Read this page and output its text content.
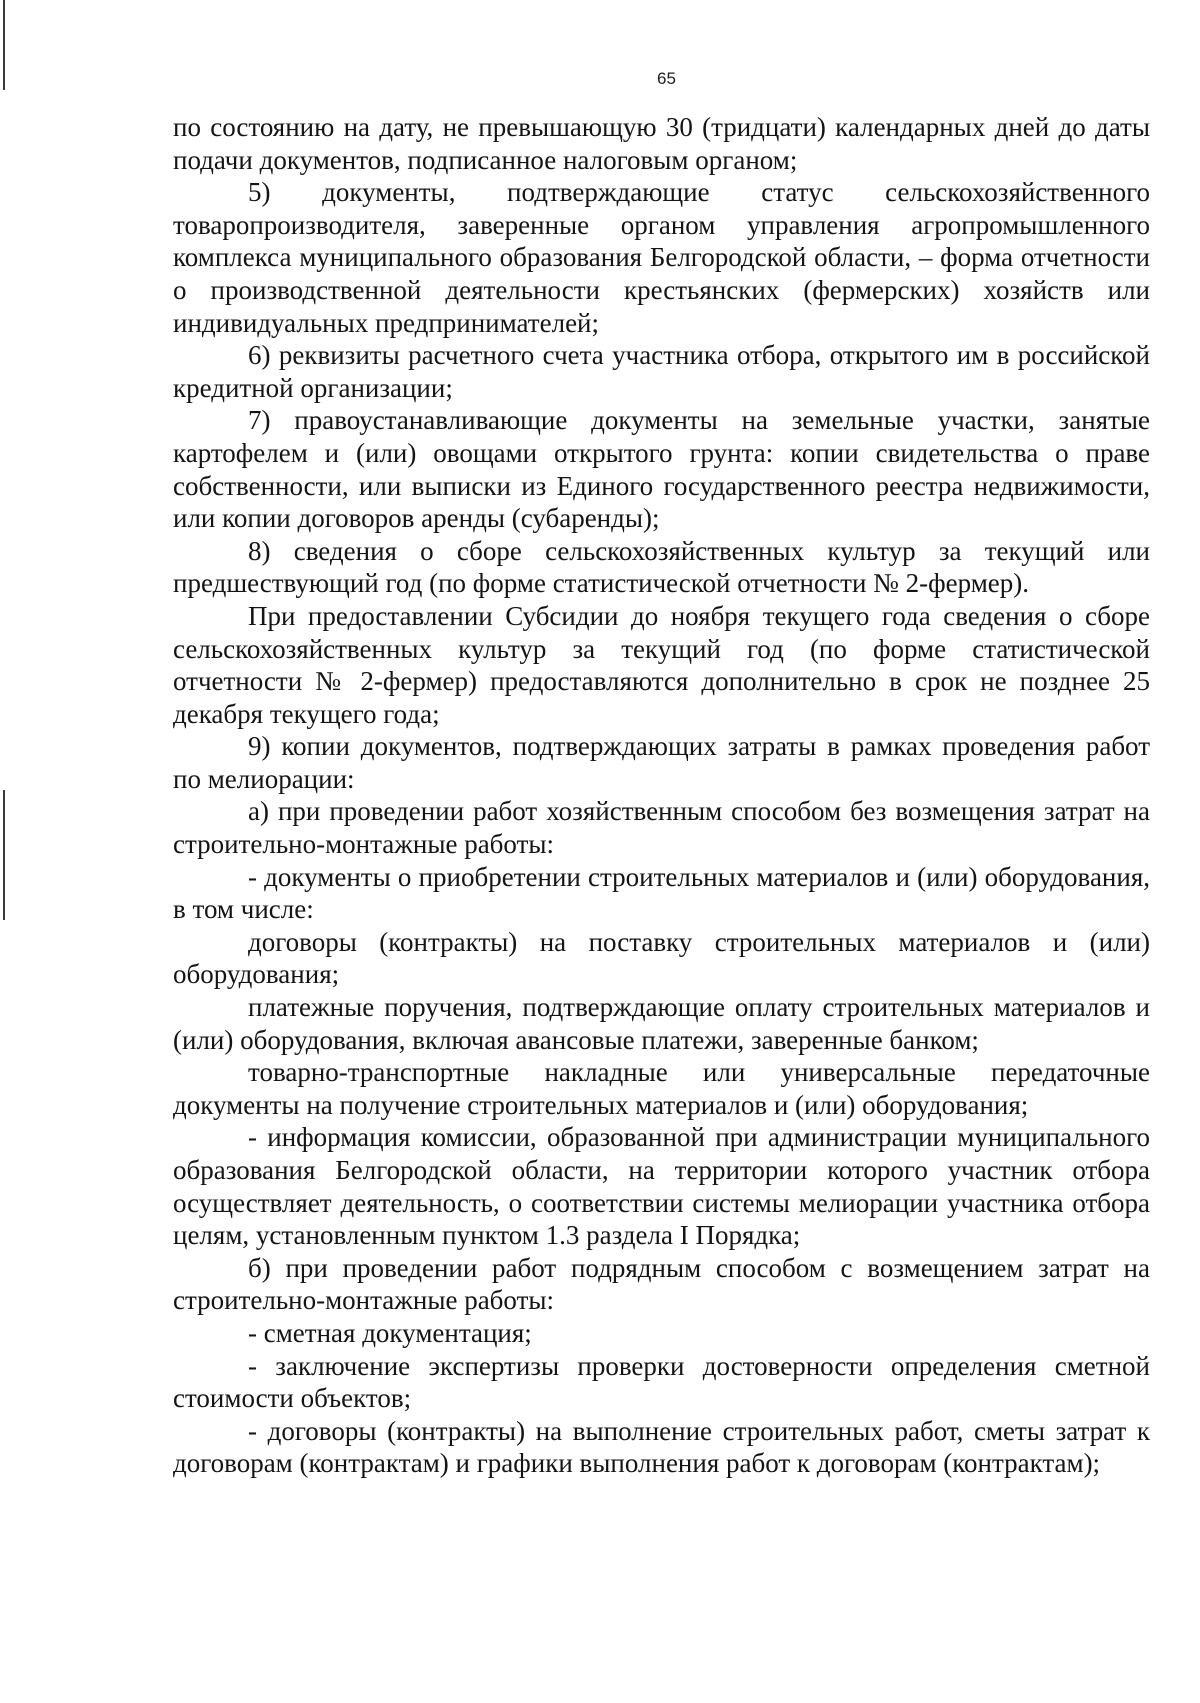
65

по состоянию на дату, не превышающую 30 (тридцати) календарных дней до даты подачи документов, подписанное налоговым органом;

5) документы, подтверждающие статус сельскохозяйственного товаропроизводителя, заверенные органом управления агропромышленного комплекса муниципального образования Белгородской области, – форма отчетности о производственной деятельности крестьянских (фермерских) хозяйств или индивидуальных предпринимателей;

6) реквизиты расчетного счета участника отбора, открытого им в российской кредитной организации;

7) правоустанавливающие документы на земельные участки, занятые картофелем и (или) овощами открытого грунта: копии свидетельства о праве собственности, или выписки из Единого государственного реестра недвижимости, или копии договоров аренды (субаренды);

8) сведения о сборе сельскохозяйственных культур за текущий или предшествующий год (по форме статистической отчетности № 2-фермер).

При предоставлении Субсидии до ноября текущего года сведения о сборе сельскохозяйственных культур за текущий год (по форме статистической отчетности № 2-фермер) предоставляются дополнительно в срок не позднее 25 декабря текущего года;

9) копии документов, подтверждающих затраты в рамках проведения работ по мелиорации:

а) при проведении работ хозяйственным способом без возмещения затрат на строительно-монтажные работы:

- документы о приобретении строительных материалов и (или) оборудования, в том числе:

договоры (контракты) на поставку строительных материалов и (или) оборудования;

платежные поручения, подтверждающие оплату строительных материалов и (или) оборудования, включая авансовые платежи, заверенные банком;

товарно-транспортные накладные или универсальные передаточные документы на получение строительных материалов и (или) оборудования;

- информация комиссии, образованной при администрации муниципального образования Белгородской области, на территории которого участник отбора осуществляет деятельность, о соответствии системы мелиорации участника отбора целям, установленным пунктом 1.3 раздела I Порядка;

б) при проведении работ подрядным способом с возмещением затрат на строительно-монтажные работы:

- сметная документация;

- заключение экспертизы проверки достоверности определения сметной стоимости объектов;

- договоры (контракты) на выполнение строительных работ, сметы затрат к договорам (контрактам) и графики выполнения работ к договорам (контрактам);
